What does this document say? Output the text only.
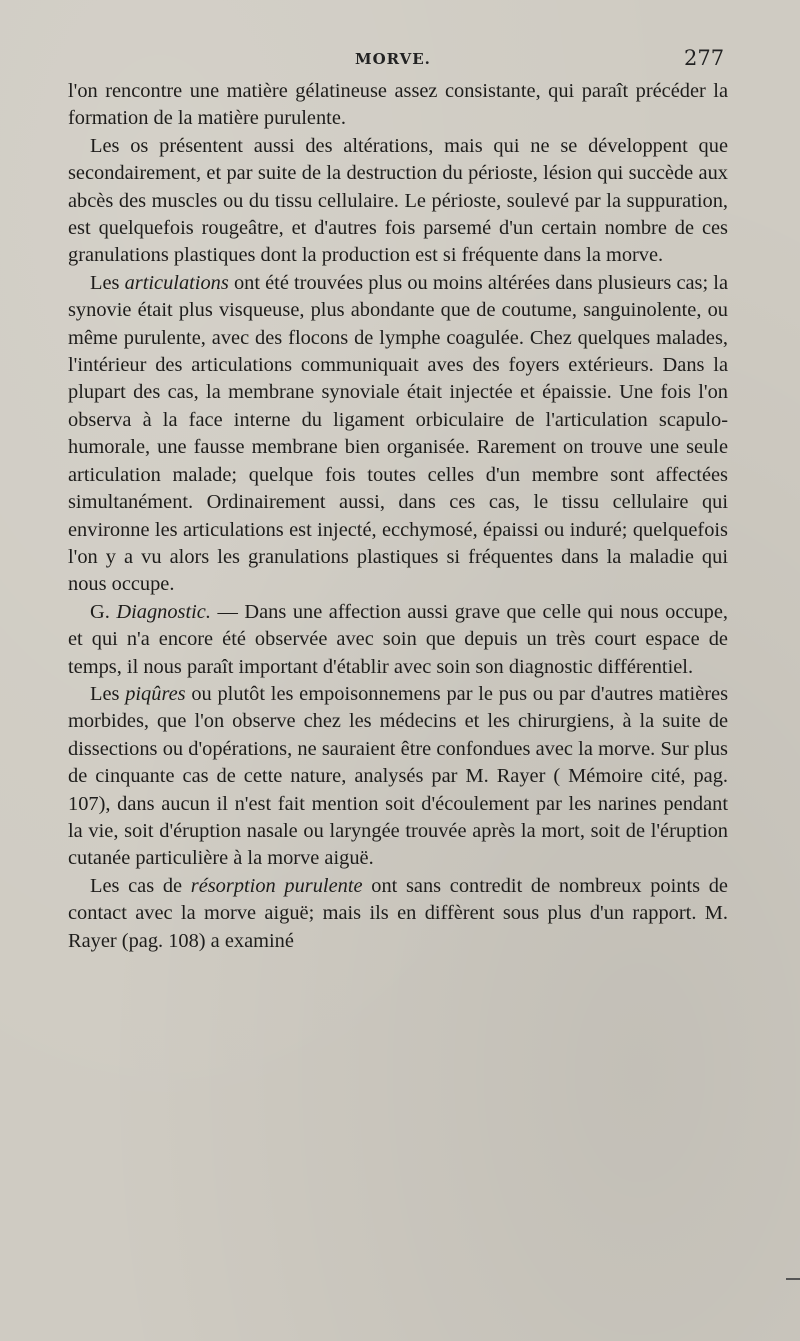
MORVE.	277

l'on rencontre une matière gélatineuse assez consistante, qui paraît précéder la formation de la matière purulente.

Les os présentent aussi des altérations, mais qui ne se développent que secondairement, et par suite de la destruction du périoste, lésion qui succède aux abcès des muscles ou du tissu cellulaire. Le périoste, soulevé par la suppuration, est quelquefois rougeâtre, et d'autres fois parsemé d'un certain nombre de ces granulations plastiques dont la production est si fréquente dans la morve.

Les articulations ont été trouvées plus ou moins altérées dans plusieurs cas; la synovie était plus visqueuse, plus abondante que de coutume, sanguinolente, ou même purulente, avec des flocons de lymphe coagulée. Chez quelques malades, l'intérieur des articulations communiquait aves des foyers extérieurs. Dans la plupart des cas, la membrane synoviale était injectée et épaissie. Une fois l'on observa à la face interne du ligament orbiculaire de l'articulation scapulo-humorale, une fausse membrane bien organisée. Rarement on trouve une seule articulation malade; quelque fois toutes celles d'un membre sont affectées simultanément. Ordinairement aussi, dans ces cas, le tissu cellulaire qui environne les articulations est injecté, ecchymosé, épaissi ou induré; quelquefois l'on y a vu alors les granulations plastiques si fréquentes dans la maladie qui nous occupe.

G. Diagnostic. — Dans une affection aussi grave que celle qui nous occupe, et qui n'a encore été observée avec soin que depuis un très court espace de temps, il nous paraît important d'établir avec soin son diagnostic différentiel.

Les piqûres ou plutôt les empoisonnemens par le pus ou par d'autres matières morbides, que l'on observe chez les médecins et les chirurgiens, à la suite de dissections ou d'opérations, ne sauraient être confondues avec la morve. Sur plus de cinquante cas de cette nature, analysés par M. Rayer ( Mémoire cité, pag. 107), dans aucun il n'est fait mention soit d'écoulement par les narines pendant la vie, soit d'éruption nasale ou laryngée trouvée après la mort, soit de l'éruption cutanée particulière à la morve aiguë.

Les cas de résorption purulente ont sans contredit de nombreux points de contact avec la morve aiguë; mais ils en diffèrent sous plus d'un rapport. M. Rayer (pag. 108) a examiné
